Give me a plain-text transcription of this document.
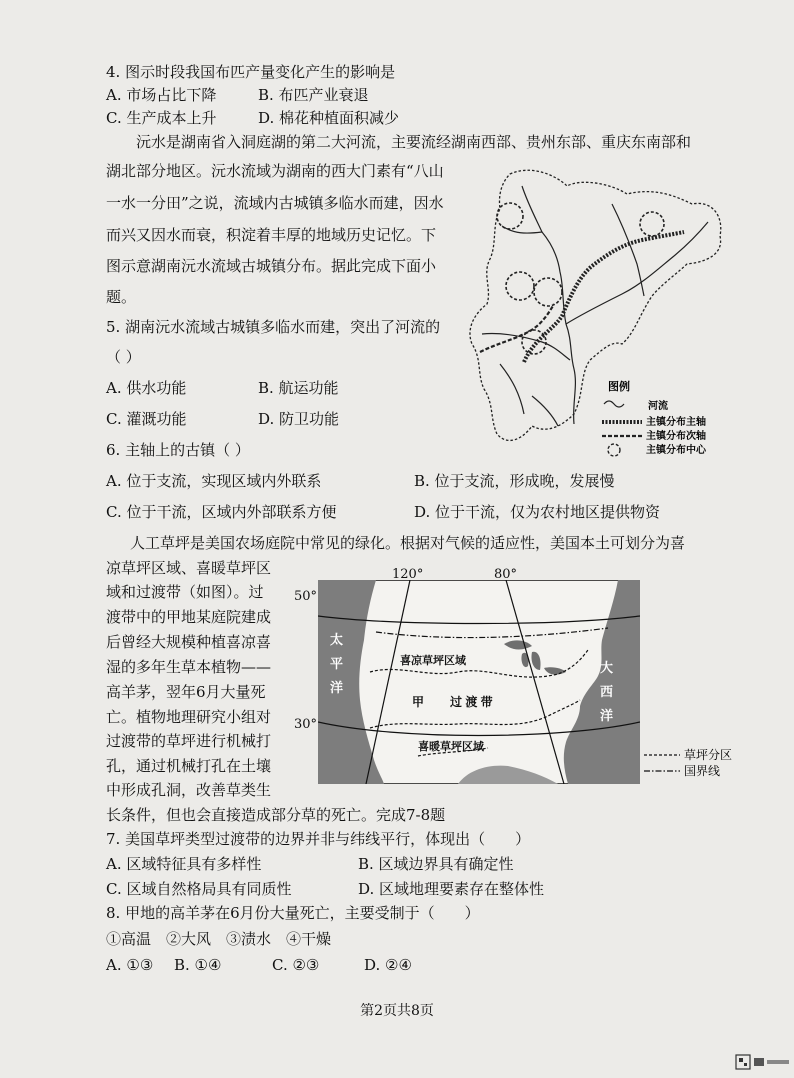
4. 图示时段我国布匹产量变化产生的影响是
A. 市场占比下降	B. 布匹产业衰退
C. 生产成本上升	D. 棉花种植面积减少
沅水是湖南省入洞庭湖的第二大河流，主要流经湖南西部、贵州东部、重庆东南部和
湖北部分地区。沅水流域为湖南的西大门素有“八山
一水一分田”之说，流域内古城镇多临水而建，因水
而兴又因水而衰，积淀着丰厚的地域历史记忆。下
图示意湖南沅水流域古城镇分布。据此完成下面小
题。
5. 湖南沅水流域古城镇多临水而建，突出了河流的
（ ）
A. 供水功能	B. 航运功能
C. 灌溉功能	D. 防卫功能
图例
河流
主镇分布主轴
主镇分布次轴
主镇分布中心
6. 主轴上的古镇（ ）
A. 位于支流，实现区域内外联系	B. 位于支流，形成晚，发展慢
C. 位于干流，区域内外部联系方便	D. 位于干流，仅为农村地区提供物资
人工草坪是美国农场庭院中常见的绿化。根据对气候的适应性，美国本土可划分为喜
凉草坪区域、喜暖草坪区
域和过渡带（如图）。过
渡带中的甲地某庭院建成
后曾经大规模种植喜凉喜
湿的多年生草本植物——
高羊茅，翌年6月大量死
亡。植物地理研究小组对
过渡带的草坪进行机械打
孔，通过机械打孔在土壤
中形成孔洞，改善草类生
长条件，但也会直接造成部分草的死亡。完成7-8题
喜凉草坪区域
甲 过 渡 带
喜暖草坪区域
太
平
洋
大
西
洋
120°	80°
50°
30°
草坪分区
国界线
7. 美国草坪类型过渡带的边界并非与纬线平行，体现出（　　）
A. 区域特征具有多样性	B. 区域边界具有确定性
C. 区域自然格局具有同质性	D. 区域地理要素存在整体性
8. 甲地的高羊茅在6月份大量死亡，主要受制于（　　）
①高温　②大风　③渍水　④干燥
A. ①③ B. ①④	C. ②③	D. ②④
第2页共8页
